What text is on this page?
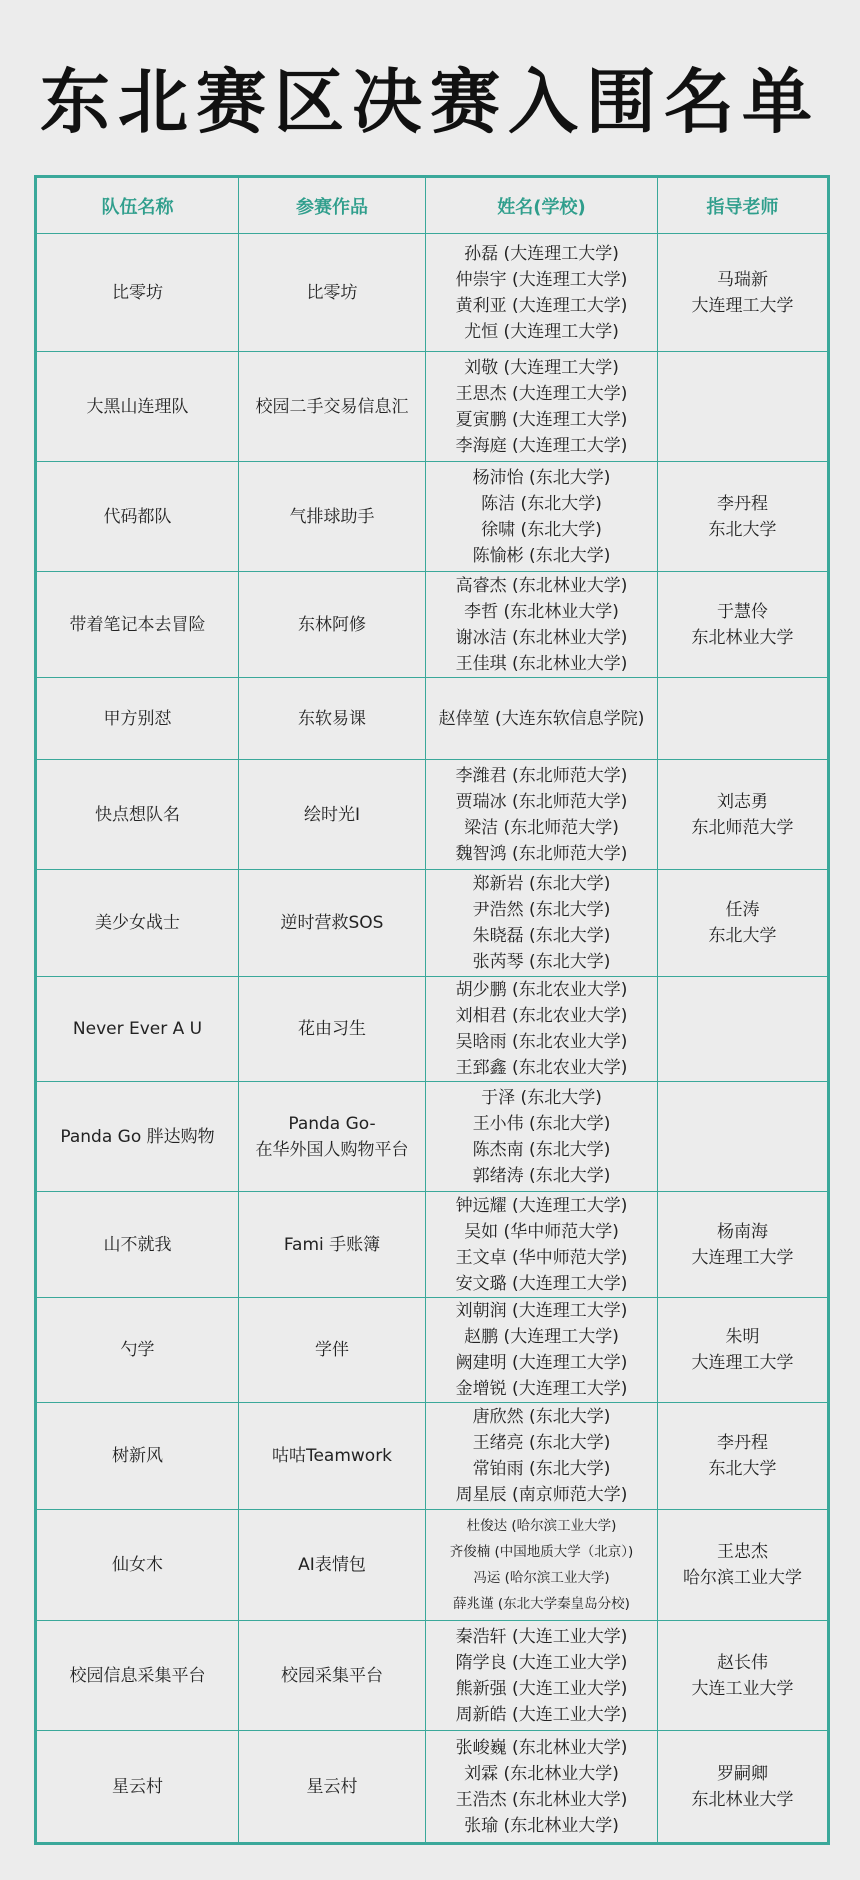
东北赛区决赛入围名单
队伍名称	参赛作品	姓名(学校)	指导老师
比零坊	比零坊	孙磊 (大连理工大学)
仲崇宇 (大连理工大学)
黄利亚 (大连理工大学)
尤恒 (大连理工大学)	马瑞新
大连理工大学

大黑山连理队	校园二手交易信息汇	刘敬 (大连理工大学)
王思杰 (大连理工大学)
夏寅鹏 (大连理工大学)
李海庭 (大连理工大学)	

代码都队	气排球助手	杨沛怡 (东北大学)
陈洁 (东北大学)
徐啸 (东北大学)
陈愉彬 (东北大学)	李丹程
东北大学

带着笔记本去冒险	东林阿修	高睿杰 (东北林业大学)
李哲 (东北林业大学)
谢冰洁 (东北林业大学)
王佳琪 (东北林业大学)	于慧伶
东北林业大学

甲方别怼	东软易课	赵倖堃 (大连东软信息学院)	

快点想队名	绘时光I	李潍君 (东北师范大学)
贾瑞冰 (东北师范大学)
梁洁 (东北师范大学)
魏智鸿 (东北师范大学)	刘志勇
东北师范大学

美少女战士	逆时营救SOS	郑新岩 (东北大学)
尹浩然 (东北大学)
朱晓磊 (东北大学)
张芮琴 (东北大学)	任涛
东北大学

Never Ever A U	花由习生	胡少鹏 (东北农业大学)
刘相君 (东北农业大学)
吴晗雨 (东北农业大学)
王郅鑫 (东北农业大学)	

Panda Go 胖达购物	Panda Go-
在华外国人购物平台	于泽 (东北大学)
王小伟 (东北大学)
陈杰南 (东北大学)
郭绪涛 (东北大学)	

山不就我	Fami 手账簿	钟远耀 (大连理工大学)
吴如 (华中师范大学)
王文卓 (华中师范大学)
安文璐 (大连理工大学)	杨南海
大连理工大学

勺学	学伴	刘朝润 (大连理工大学)
赵鹏 (大连理工大学)
阙建明 (大连理工大学)
金增锐 (大连理工大学)	朱明
大连理工大学

树新风	咕咕Teamwork	唐欣然 (东北大学)
王绪亮 (东北大学)
常铂雨 (东北大学)
周星辰 (南京师范大学)	李丹程
东北大学

仙女木	AI表情包	杜俊达 (哈尔滨工业大学)
齐俊楠 (中国地质大学（北京）)
冯运 (哈尔滨工业大学)
薛兆谨 (东北大学秦皇岛分校)	王忠杰
哈尔滨工业大学

校园信息采集平台	校园采集平台	秦浩轩 (大连工业大学)
隋学良 (大连工业大学)
熊新强 (大连工业大学)
周新皓 (大连工业大学)	赵长伟
大连工业大学

星云村	星云村	张峻巍 (东北林业大学)
刘霖 (东北林业大学)
王浩杰 (东北林业大学)
张瑜 (东北林业大学)	罗嗣卿
东北林业大学
